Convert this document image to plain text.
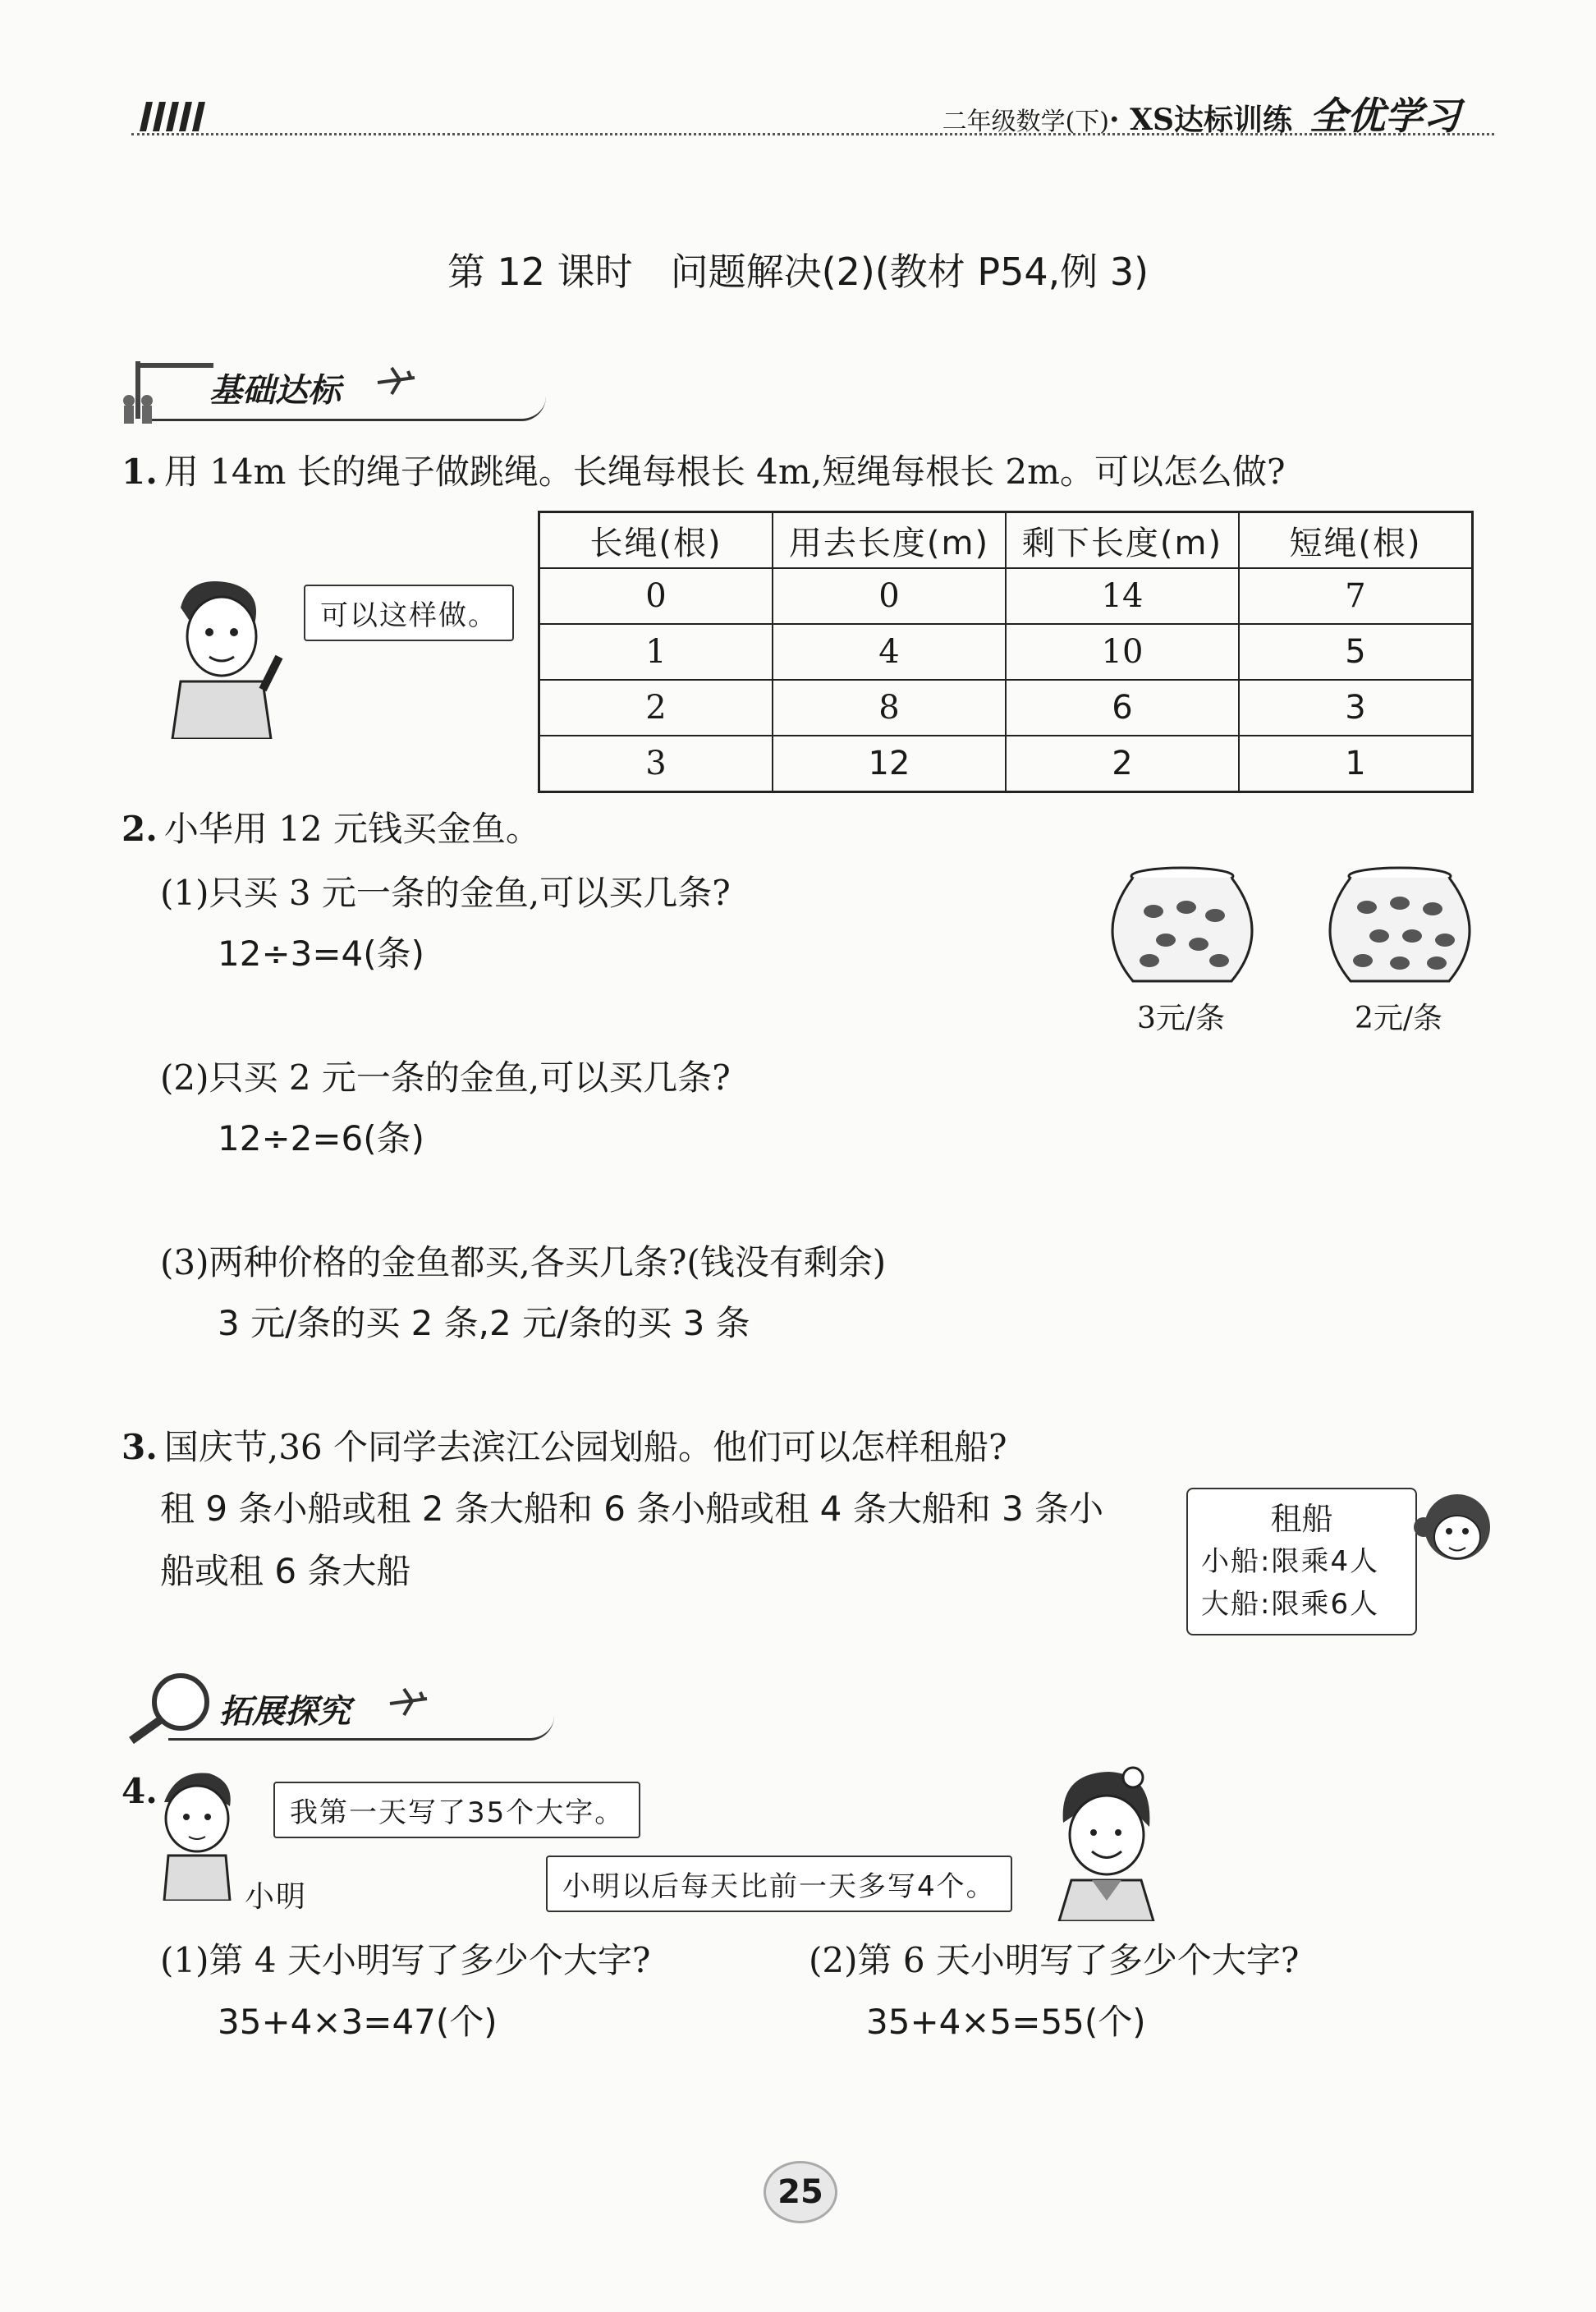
二年级数学(下)· XS达标训练 全优学习
第 12 课时　问题解决(2)(教材 P54,例 3)
基础达标
1. 用 14m 长的绳子做跳绳。长绳每根长 4m,短绳每根长 2m。可以怎么做?
可以这样做。
长绳(根)	用去长度(m)	剩下长度(m)	短绳(根)
0	0	14	7
1	4	10	5
2	8	6	3
3	12	2	1
2. 小华用 12 元钱买金鱼。
(1)只买 3 元一条的金鱼,可以买几条?
12÷3=4(条)
(2)只买 2 元一条的金鱼,可以买几条?
12÷2=6(条)
(3)两种价格的金鱼都买,各买几条?(钱没有剩余)
3 元/条的买 2 条,2 元/条的买 3 条
3元/条	2元/条
3. 国庆节,36 个同学去滨江公园划船。他们可以怎样租船?
租 9 条小船或租 2 条大船和 6 条小船或租 4 条大船和 3 条小
船或租 6 条大船
租船
小船:限乘4人
大船:限乘6人
拓展探究
4.
我第一天写了35个大字。
小明	小明以后每天比前一天多写4个。
(1)第 4 天小明写了多少个大字?
35+4×3=47(个)
(2)第 6 天小明写了多少个大字?
35+4×5=55(个)
25
